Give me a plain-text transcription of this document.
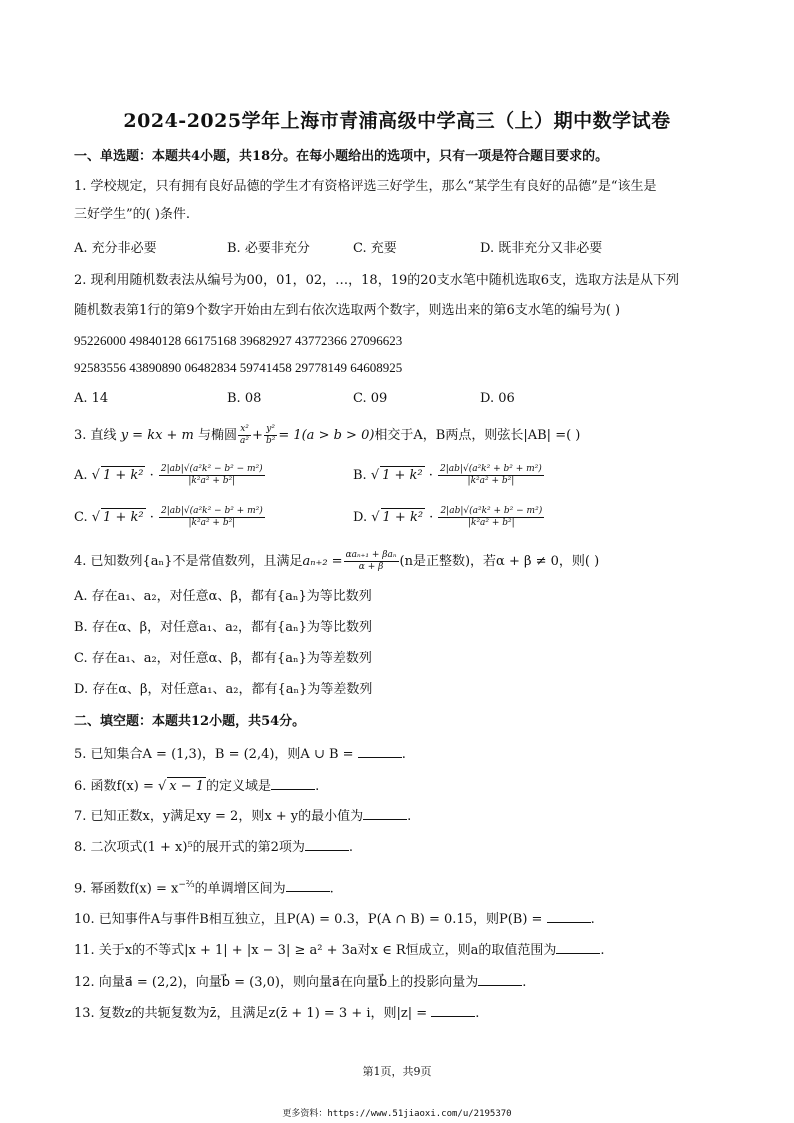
2024-2025学年上海市青浦高级中学高三（上）期中数学试卷
一、单选题：本题共4小题，共18分。在每小题给出的选项中，只有一项是符合题目要求的。
1. 学校规定，只有拥有良好品德的学生才有资格评选三好学生，那么“某学生有良好的品德”是“该生是
三好学生”的( )条件.
A. 充分非必要	B. 必要非充分	C. 充要	D. 既非充分又非必要
2. 现利用随机数表法从编号为00，01，02，…，18，19的20支水笔中随机选取6支，选取方法是从下列
随机数表第1行的第9个数字开始由左到右依次选取两个数字，则选出来的第6支水笔的编号为( )
95226000 49840128 66175168 39682927 43772366 27096623
92583556 43890890 06482834 59741458 29778149 64608925
A. 14	B. 08	C. 09	D. 06
3. 直线 y = kx + m 与椭圆 $\frac{\text{x²}}{\text{a²}} + \frac{\text{y²}}{\text{b²}} = 1(a > b > 0)$相交于A，B两点，则弦长|AB| =( )
A. √ $1 + k^2 \cdot \frac{\text{2|ab|√(a²k² − b² − m²)}}{\text{|k²a² + b²|}}$	B. √ $1 + k^2 \cdot \frac{\text{2|ab|√(a²k² + b² + m²)}}{\text{|k²a² + b²|}}$
C. √ $1 + k^2 \cdot \frac{\text{2|ab|√(a²k² − b² + m²)}}{\text{|k²a² + b²|}}$	D. √ $1 + k^2 \cdot \frac{\text{2|ab|√(a²k² + b² − m²)}}{\text{|k²a² + b²|}}$
4. 已知数列{aₙ}不是常值数列，且满足$a_{n+2} = \frac{\text{αaₙ₊₁ + βaₙ}}{\alpha + \beta} (n$是正整数)，若α + β ≠ 0，则( )
A. 存在a₁、a₂，对任意α、β，都有{aₙ}为等比数列
B. 存在α、β，对任意a₁、a₂，都有{aₙ}为等比数列
C. 存在a₁、a₂，对任意α、β，都有{aₙ}为等差数列
D. 存在α、β，对任意a₁、a₂，都有{aₙ}为等差数列
二、填空题：本题共12小题，共54分。
5. 已知集合A = (1,3)，B = (2,4)，则A ∪ B =	.
6. 函数f(x) = √ x − 1 的定义域是	.
7. 已知正数x，y满足xy = 2，则x + y的最小值为	.
8. 二次项式(1 + x)⁵的展开式的第2项为	.
9. 幂函数$f(x) = x^{-\frac{2}{3}}$的单调增区间为	.
10. 已知事件A与事件B相互独立，且P(A) = 0.3，P(A ∩ B) = 0.15，则P(B) =	.
11. 关于x的不等式|x + 1| + |x − 3| ≥ a² + 3a对x ∈ R恒成立，则a的取值范围为	.
12. 向量a⃗ = (2,2)，向量b⃗ = (3,0)，则向量a⃗在向量b⃗上的投影向量为	.
13. 复数z的共轭复数为z̄，且满足z(z̄ + 1) = 3 + i，则|z| =	.
第1页，共9页
更多资料：https://www.51jiaoxi.com/u/2195370
